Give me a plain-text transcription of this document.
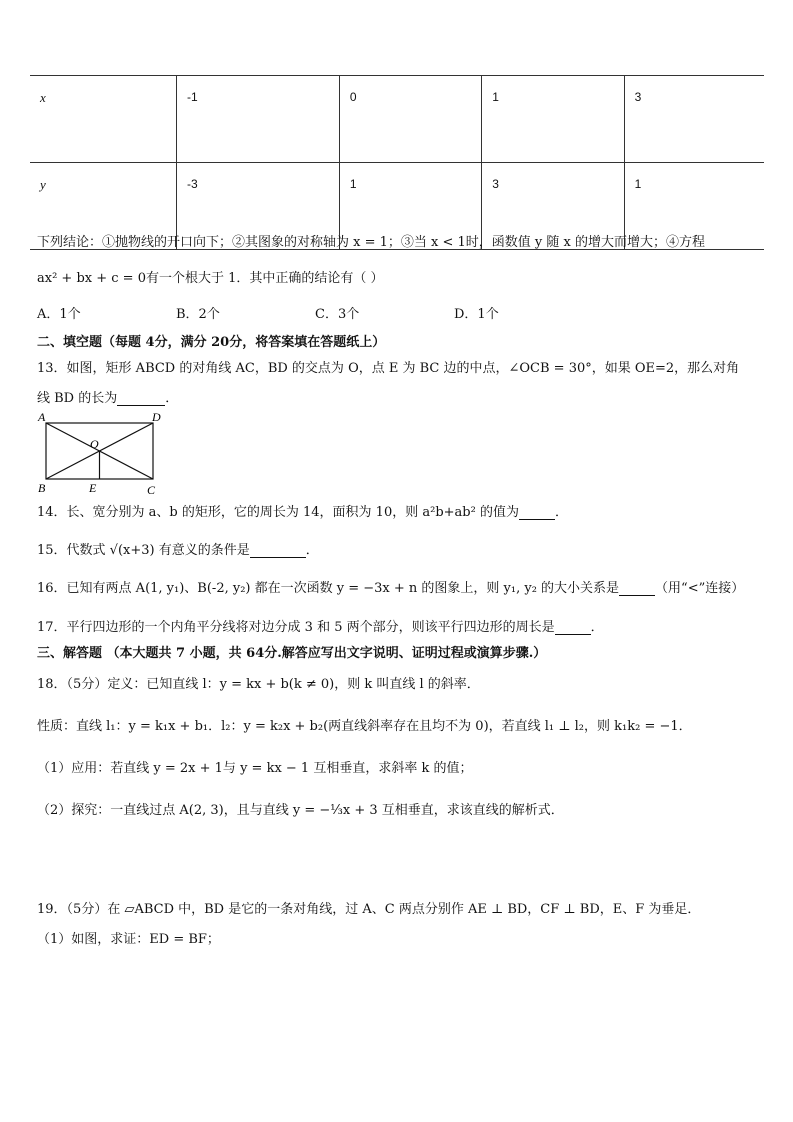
x	-1	0	1	3
y	-3	1	3	1
下列结论：①抛物线的开口向下；②其图象的对称轴为 x = 1；③当 x < 1时，函数值 y 随 x 的增大而增大；④方程
ax² + bx + c = 0有一个根大于 1．其中正确的结论有（ ）
A．1个	B．2个	C．3个	D．1个
二、填空题（每题 4分，满分 20分，将答案填在答题纸上）
13．如图，矩形 ABCD 的对角线 AC，BD 的交点为 O，点 E 为 BC 边的中点，∠OCB = 30°，如果 OE=2，那么对角
线 BD 的长为	．
A	D
O
B	E	C
14．长、宽分别为 a、b 的矩形，它的周长为 14，面积为 10，则 a²b+ab² 的值为	．
15．代数式 √(x+3) 有意义的条件是	．
16．已知有两点 A(1, y₁)、B(-2, y₂) 都在一次函数 y = −3x + n 的图象上，则 y₁, y₂ 的大小关系是	（用“<”连接）
17．平行四边形的一个内角平分线将对边分成 3 和 5 两个部分，则该平行四边形的周长是	．
三、解答题 （本大题共 7 小题，共 64分.解答应写出文字说明、证明过程或演算步骤.）
18．（5分）定义：已知直线 l：y = kx + b(k ≠ 0)，则 k 叫直线 l 的斜率．
性质：直线 l₁：y = k₁x + b₁．l₂：y = k₂x + b₂(两直线斜率存在且均不为 0)，若直线 l₁ ⊥ l₂，则 k₁k₂ = −1．
（1）应用：若直线 y = 2x + 1与 y = kx − 1 互相垂直，求斜率 k 的值；
（2）探究：一直线过点 A(2, 3)，且与直线 y = −⅓x + 3 互相垂直，求该直线的解析式．
19．（5分）在 ▱ABCD 中，BD 是它的一条对角线，过 A、C 两点分别作 AE ⊥ BD，CF ⊥ BD，E、F 为垂足．
（1）如图，求证：ED = BF；
